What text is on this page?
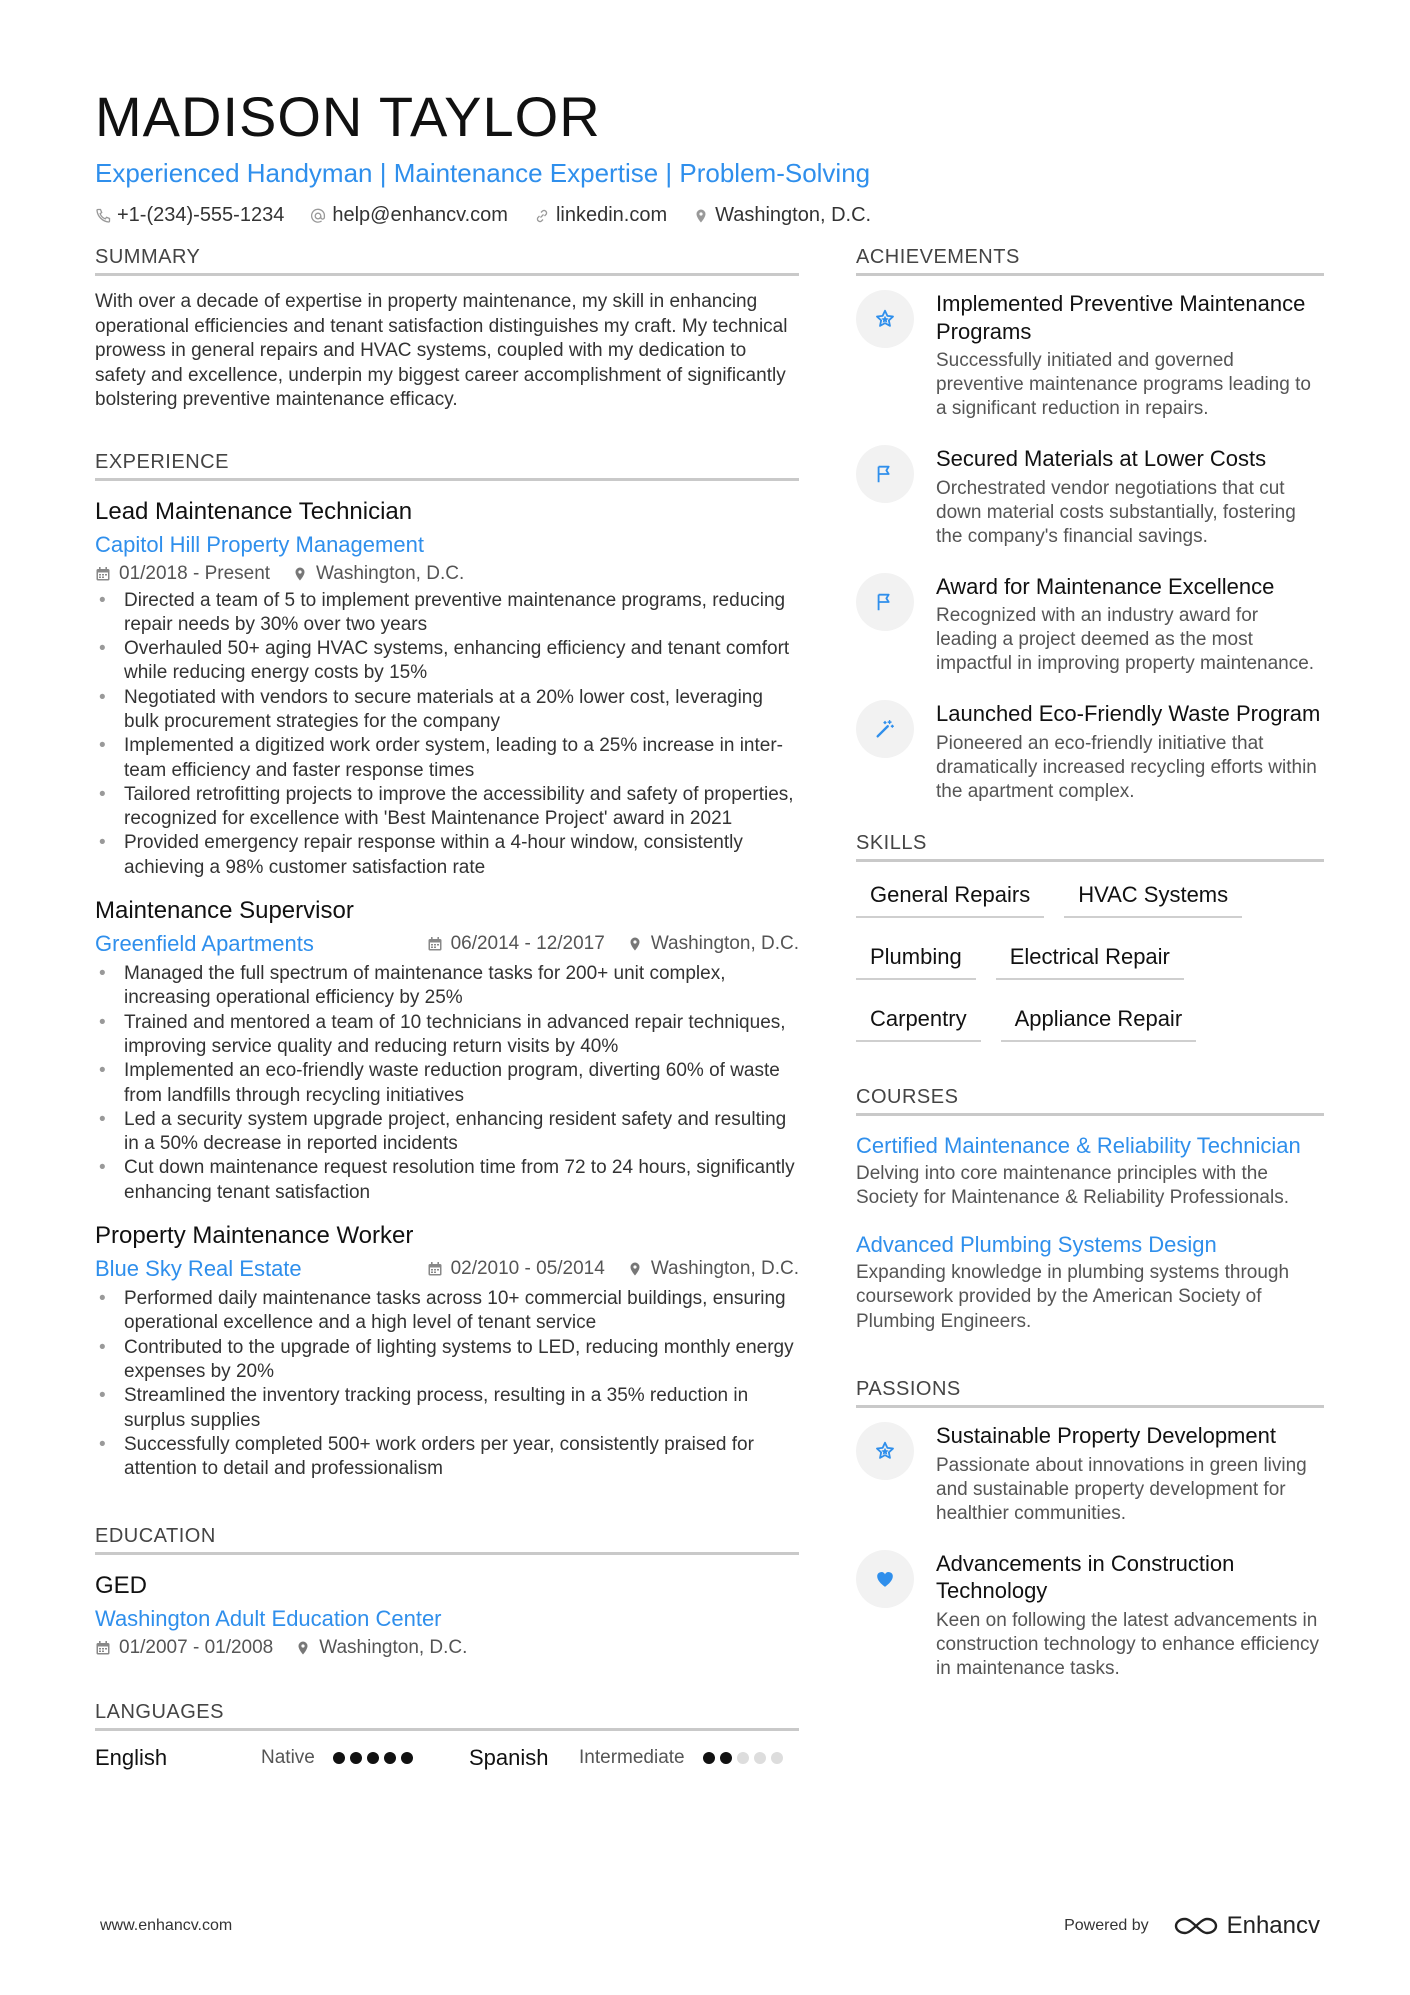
MADISON TAYLOR
Experienced Handyman | Maintenance Expertise | Problem-Solving
+1-(234)-555-1234 help@enhancv.com linkedin.com Washington, D.C.
SUMMARY
With over a decade of expertise in property maintenance, my skill in enhancing operational efficiencies and tenant satisfaction distinguishes my craft. My technical prowess in general repairs and HVAC systems, coupled with my dedication to safety and excellence, underpin my biggest career accomplishment of significantly bolstering preventive maintenance efficacy.
EXPERIENCE
Lead Maintenance Technician
Capitol Hill Property Management
01/2018 - Present Washington, D.C.
• Directed a team of 5 to implement preventive maintenance programs, reducing repair needs by 30% over two years
• Overhauled 50+ aging HVAC systems, enhancing efficiency and tenant comfort while reducing energy costs by 15%
• Negotiated with vendors to secure materials at a 20% lower cost, leveraging bulk procurement strategies for the company
• Implemented a digitized work order system, leading to a 25% increase in inter-team efficiency and faster response times
• Tailored retrofitting projects to improve the accessibility and safety of properties, recognized for excellence with 'Best Maintenance Project' award in 2021
• Provided emergency repair response within a 4-hour window, consistently achieving a 98% customer satisfaction rate
Maintenance Supervisor
Greenfield Apartments	06/2014 - 12/2017 Washington, D.C.
• Managed the full spectrum of maintenance tasks for 200+ unit complex, increasing operational efficiency by 25%
• Trained and mentored a team of 10 technicians in advanced repair techniques, improving service quality and reducing return visits by 40%
• Implemented an eco-friendly waste reduction program, diverting 60% of waste from landfills through recycling initiatives
• Led a security system upgrade project, enhancing resident safety and resulting in a 50% decrease in reported incidents
• Cut down maintenance request resolution time from 72 to 24 hours, significantly enhancing tenant satisfaction
Property Maintenance Worker
Blue Sky Real Estate	02/2010 - 05/2014 Washington, D.C.
• Performed daily maintenance tasks across 10+ commercial buildings, ensuring operational excellence and a high level of tenant service
• Contributed to the upgrade of lighting systems to LED, reducing monthly energy expenses by 20%
• Streamlined the inventory tracking process, resulting in a 35% reduction in surplus supplies
• Successfully completed 500+ work orders per year, consistently praised for attention to detail and professionalism
EDUCATION
GED
Washington Adult Education Center
01/2007 - 01/2008 Washington, D.C.
LANGUAGES
English	Native	Spanish	Intermediate
ACHIEVEMENTS
Implemented Preventive Maintenance Programs
Successfully initiated and governed preventive maintenance programs leading to a significant reduction in repairs.
Secured Materials at Lower Costs
Orchestrated vendor negotiations that cut down material costs substantially, fostering the company's financial savings.
Award for Maintenance Excellence
Recognized with an industry award for leading a project deemed as the most impactful in improving property maintenance.
Launched Eco-Friendly Waste Program
Pioneered an eco-friendly initiative that dramatically increased recycling efforts within the apartment complex.
SKILLS
General Repairs	HVAC Systems
Plumbing	Electrical Repair
Carpentry	Appliance Repair
COURSES
Certified Maintenance & Reliability Technician
Delving into core maintenance principles with the Society for Maintenance & Reliability Professionals.
Advanced Plumbing Systems Design
Expanding knowledge in plumbing systems through coursework provided by the American Society of Plumbing Engineers.
PASSIONS
Sustainable Property Development
Passionate about innovations in green living and sustainable property development for healthier communities.
Advancements in Construction Technology
Keen on following the latest advancements in construction technology to enhance efficiency in maintenance tasks.
www.enhancv.com	Powered by	Enhancv
